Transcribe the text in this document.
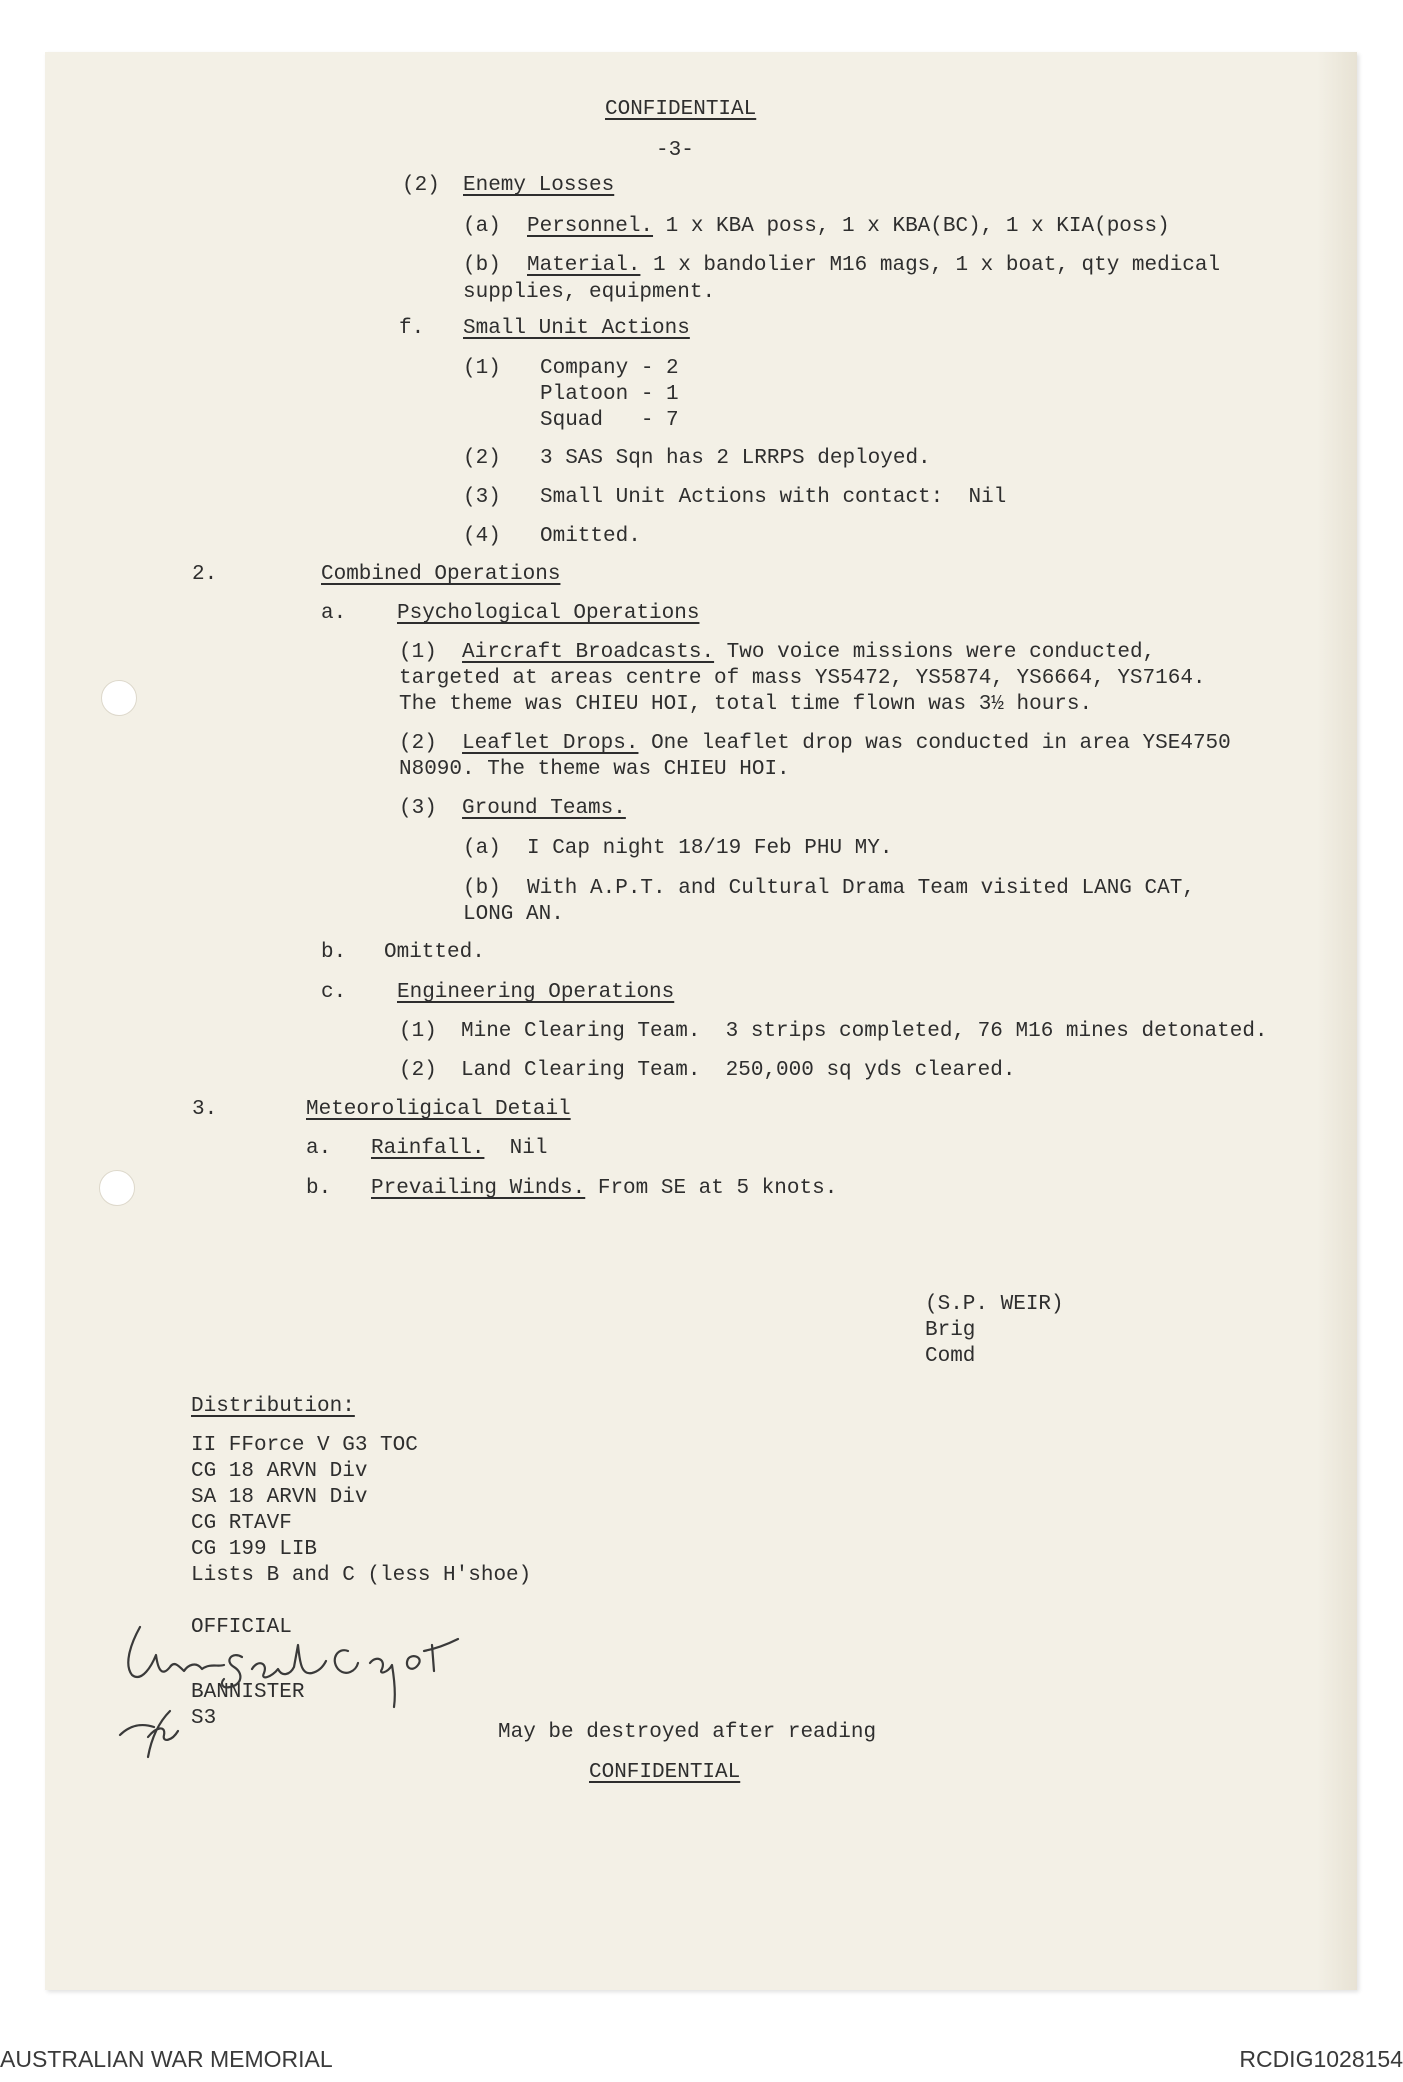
CONFIDENTIAL
-3-
(2) Enemy Losses
(a) Personnel. 1 x KBA poss, 1 x KBA(BC), 1 x KIA(poss)
(b) Material. 1 x bandolier M16 mags, 1 x boat, qty medical
supplies, equipment.
f. Small Unit Actions
(1) Company - 2
Platoon - 1
Squad   - 7
(2) 3 SAS Sqn has 2 LRRPS deployed.
(3) Small Unit Actions with contact:  Nil
(4) Omitted.
2.	Combined Operations
a. Psychological Operations
(1) Aircraft Broadcasts. Two voice missions were conducted,
targeted at areas centre of mass YS5472, YS5874, YS6664, YS7164.
The theme was CHIEU HOI, total time flown was 3½ hours.
(2) Leaflet Drops. One leaflet drop was conducted in area YSE4750
N8090. The theme was CHIEU HOI.
(3) Ground Teams.
(a) I Cap night 18/19 Feb PHU MY.
(b) With A.P.T. and Cultural Drama Team visited LANG CAT,
LONG AN.
b. Omitted.
c. Engineering Operations
(1) Mine Clearing Team.  3 strips completed, 76 M16 mines detonated.
(2) Land Clearing Team.  250,000 sq yds cleared.
3.	Meteoroligical Detail
a. Rainfall.  Nil
b. Prevailing Winds. From SE at 5 knots.
(S.P. WEIR)
Brig
Comd
Distribution:
II FForce V G3 TOC
CG 18 ARVN Div
SA 18 ARVN Div
CG RTAVF
CG 199 LIB
Lists B and C (less H'shoe)
OFFICIAL
BANNISTER
S3
May be destroyed after reading
CONFIDENTIAL
AUSTRALIAN WAR MEMORIAL	RCDIG1028154
